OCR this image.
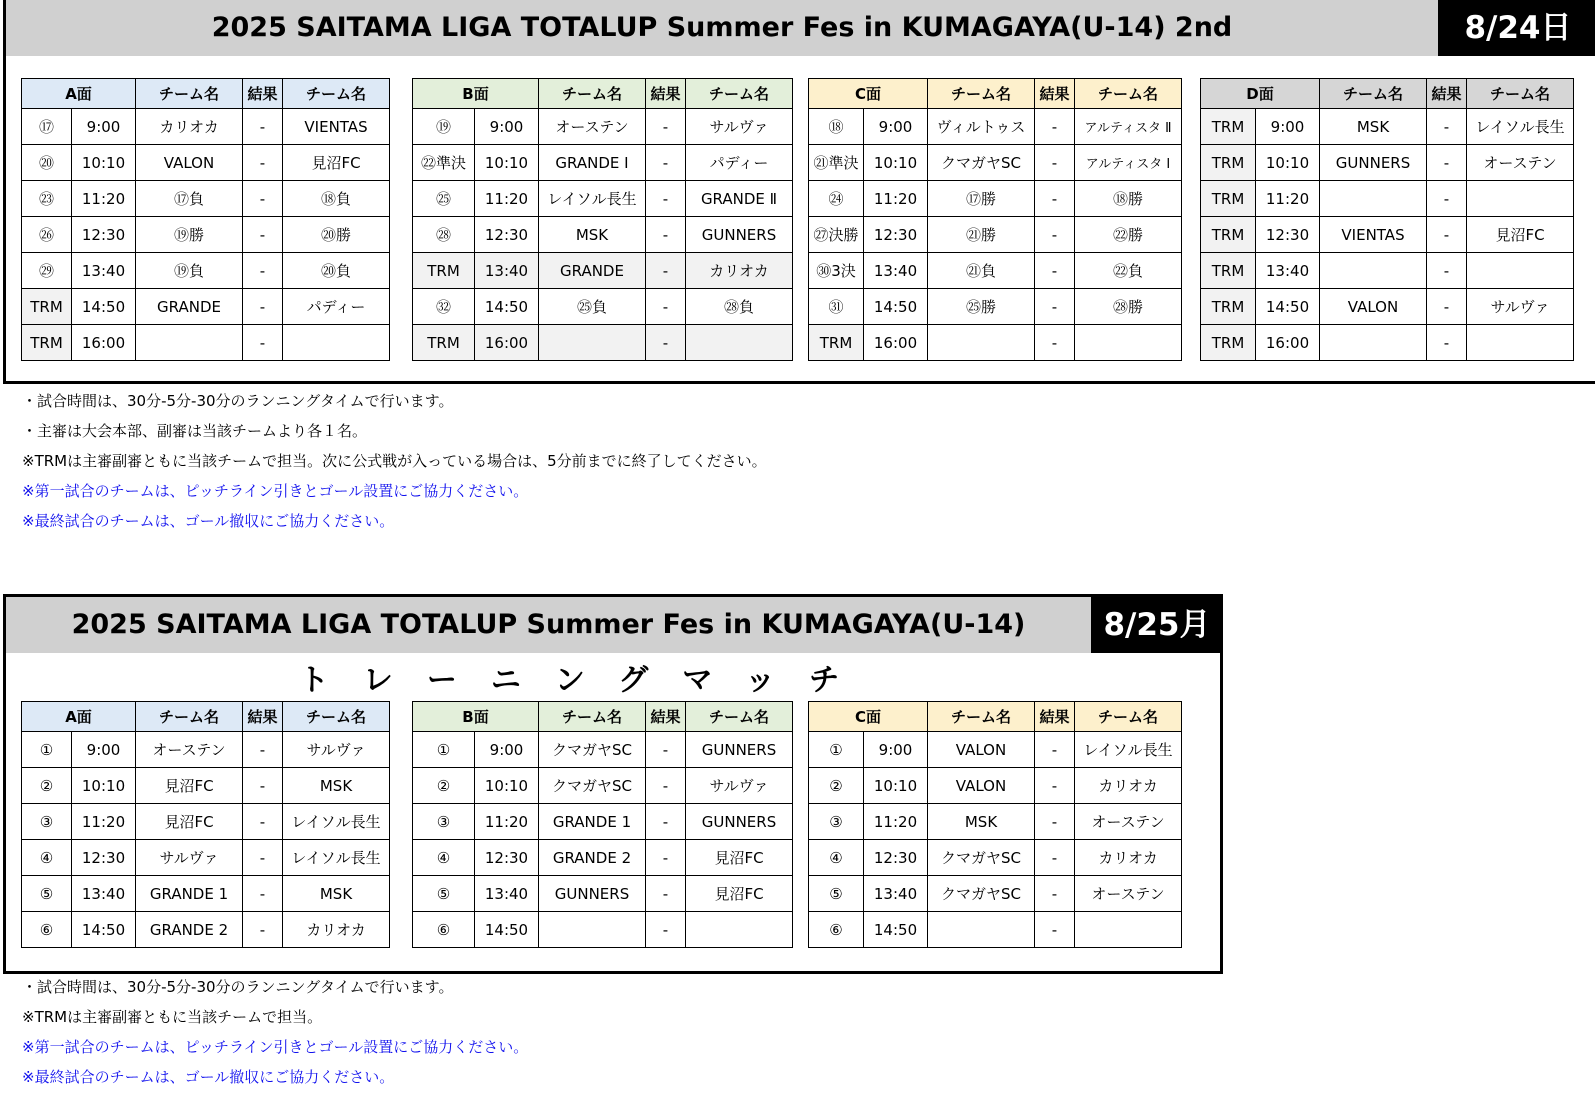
2025 SAITAMA LIGA TOTALUP Summer Fes in KUMAGAYA(U-14) 2nd	8/24日
A面		チーム名	結果	チーム名
⑰	9:00	カリオカ	-	VIENTAS
⑳	10:10	VALON	-	見沼FC
㉓	11:20	⑰負	-	⑱負
㉖	12:30	⑲勝	-	⑳勝
㉙	13:40	⑲負	-	⑳負
TRM	14:50	GRANDE	-	パディー
TRM	16:00		-	
B面		チーム名	結果	チーム名
⑲	9:00	オーステン	-	サルヴァ
㉒準決	10:10	GRANDE Ⅰ	-	パディー
㉕	11:20	レイソル長生	-	GRANDE Ⅱ
㉘	12:30	MSK	-	GUNNERS
TRM	13:40	GRANDE	-	カリオカ
㉜	14:50	㉕負	-	㉘負
TRM	16:00		-	
C面		チーム名	結果	チーム名
⑱	9:00	ヴィルトゥス	-	アルティスタ Ⅱ
㉑準決	10:10	クマガヤSC	-	アルティスタ Ⅰ
㉔	11:20	⑰勝	-	⑱勝
㉗決勝	12:30	㉑勝	-	㉒勝
㉚3決	13:40	㉑負	-	㉒負
㉛	14:50	㉕勝	-	㉘勝
TRM	16:00		-	
D面		チーム名	結果	チーム名
TRM	9:00	MSK	-	レイソル長生
TRM	10:10	GUNNERS	-	オーステン
TRM	11:20		-	
TRM	12:30	VIENTAS	-	見沼FC
TRM	13:40		-	
TRM	14:50	VALON	-	サルヴァ
TRM	16:00		-	
・試合時間は、30分-5分-30分のランニングタイムで行います。
・主審は大会本部、副審は当該チームより各１名。
※TRMは主審副審ともに当該チームで担当。次に公式戦が入っている場合は、5分前までに終了してください。
※第一試合のチームは、ピッチライン引きとゴール設置にご協力ください。
※最終試合のチームは、ゴール撤収にご協力ください。
2025 SAITAMA LIGA TOTALUP Summer Fes in KUMAGAYA(U-14)	8/25月
トレーニングマッチ
A面		チーム名	結果	チーム名
①	9:00	オーステン	-	サルヴァ
②	10:10	見沼FC	-	MSK
③	11:20	見沼FC	-	レイソル長生
④	12:30	サルヴァ	-	レイソル長生
⑤	13:40	GRANDE 1	-	MSK
⑥	14:50	GRANDE 2	-	カリオカ
B面		チーム名	結果	チーム名
①	9:00	クマガヤSC	-	GUNNERS
②	10:10	クマガヤSC	-	サルヴァ
③	11:20	GRANDE 1	-	GUNNERS
④	12:30	GRANDE 2	-	見沼FC
⑤	13:40	GUNNERS	-	見沼FC
⑥	14:50		-	
C面		チーム名	結果	チーム名
①	9:00	VALON	-	レイソル長生
②	10:10	VALON	-	カリオカ
③	11:20	MSK	-	オーステン
④	12:30	クマガヤSC	-	カリオカ
⑤	13:40	クマガヤSC	-	オーステン
⑥	14:50		-	
・試合時間は、30分-5分-30分のランニングタイムで行います。
※TRMは主審副審ともに当該チームで担当。
※第一試合のチームは、ピッチライン引きとゴール設置にご協力ください。
※最終試合のチームは、ゴール撤収にご協力ください。
